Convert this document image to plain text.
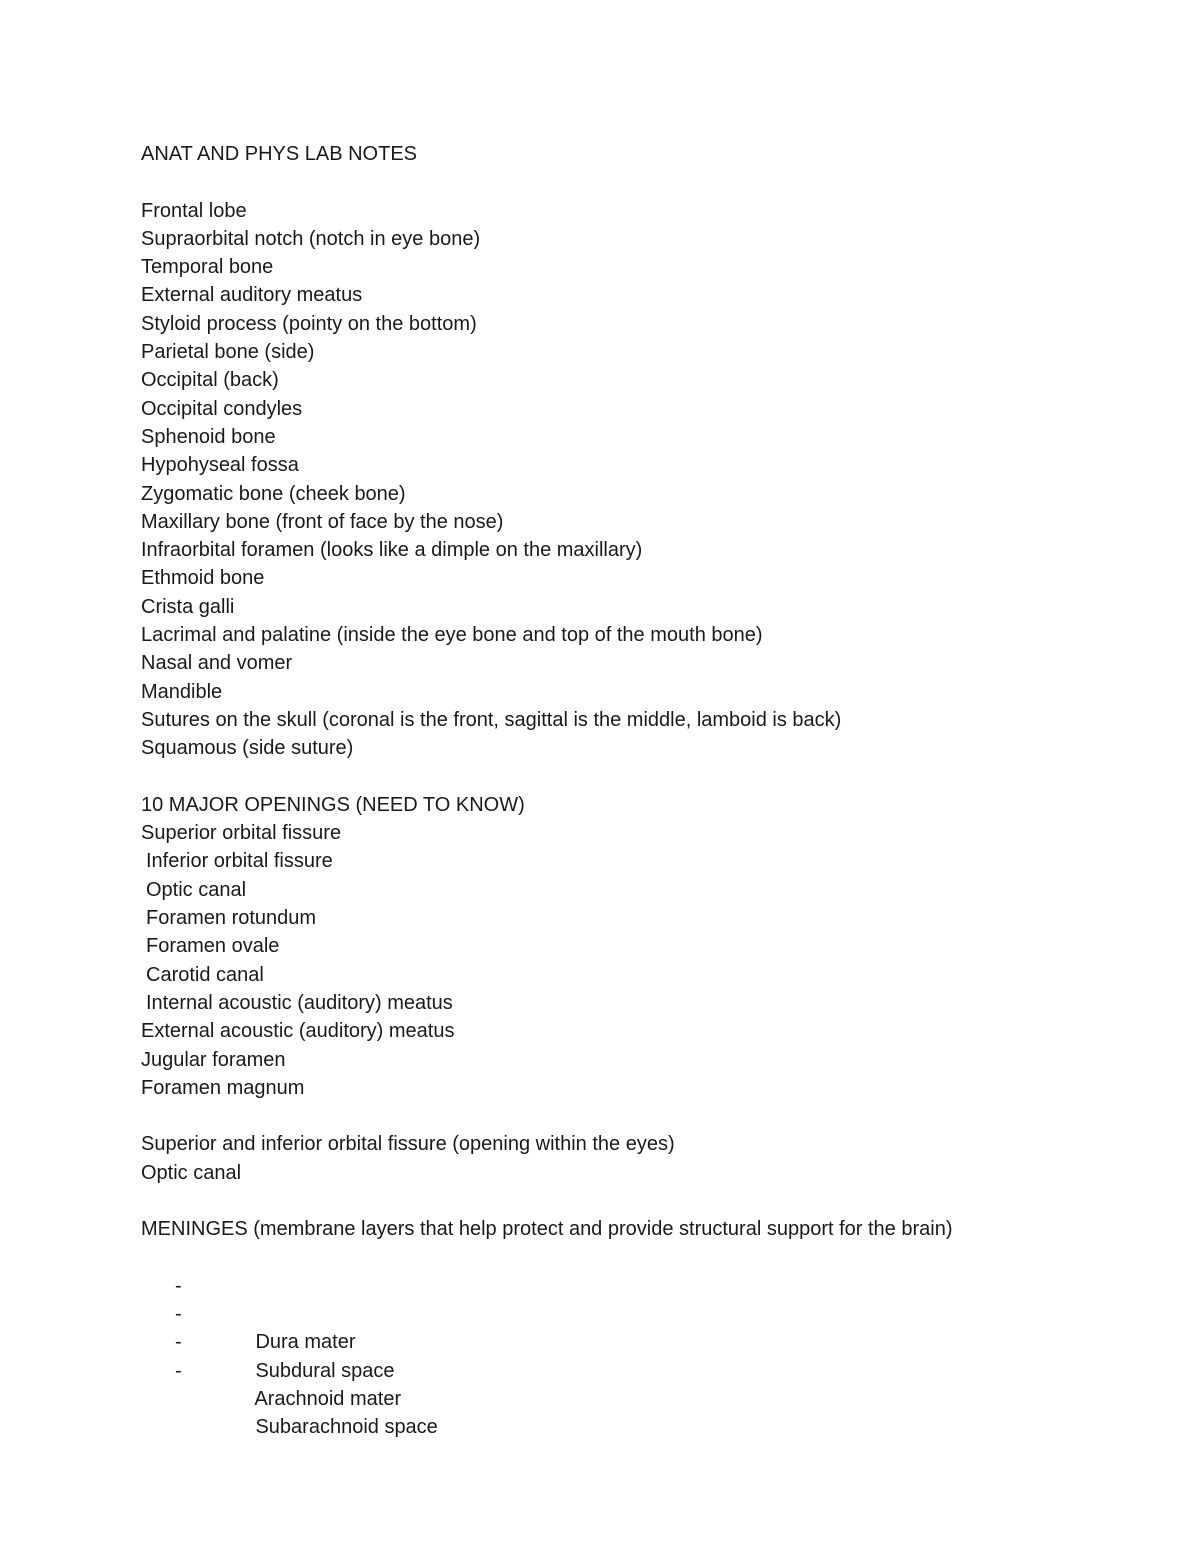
ANAT AND PHYS LAB NOTES

Frontal lobe

Supraorbital notch (notch in eye bone)

Temporal bone

External auditory meatus

Styloid process (pointy on the bottom)

Parietal bone (side)

Occipital (back)

Occipital condyles

Sphenoid bone

Hypohyseal fossa

Zygomatic bone (cheek bone)

Maxillary bone (front of face by the nose)

Infraorbital foramen (looks like a dimple on the maxillary)

Ethmoid bone

Crista galli

Lacrimal and palatine (inside the eye bone and top of the mouth bone)

Nasal and vomer

Mandible

Sutures on the skull (coronal is the front, sagittal is the middle, lamboid is back)

Squamous (side suture)

10 MAJOR OPENINGS (NEED TO KNOW)

Superior orbital fissure

Inferior orbital fissure

Optic canal

Foramen rotundum

Foramen ovale

Carotid canal

Internal acoustic (auditory) meatus

External acoustic (auditory) meatus

Jugular foramen

Foramen magnum

Superior and inferior orbital fissure (opening within the eyes)

Optic canal

MENINGES (membrane layers that help protect and provide structural support for the brain)

-

Dura mater

-

Subdural space

-

Arachnoid mater

-

Subarachnoid space
